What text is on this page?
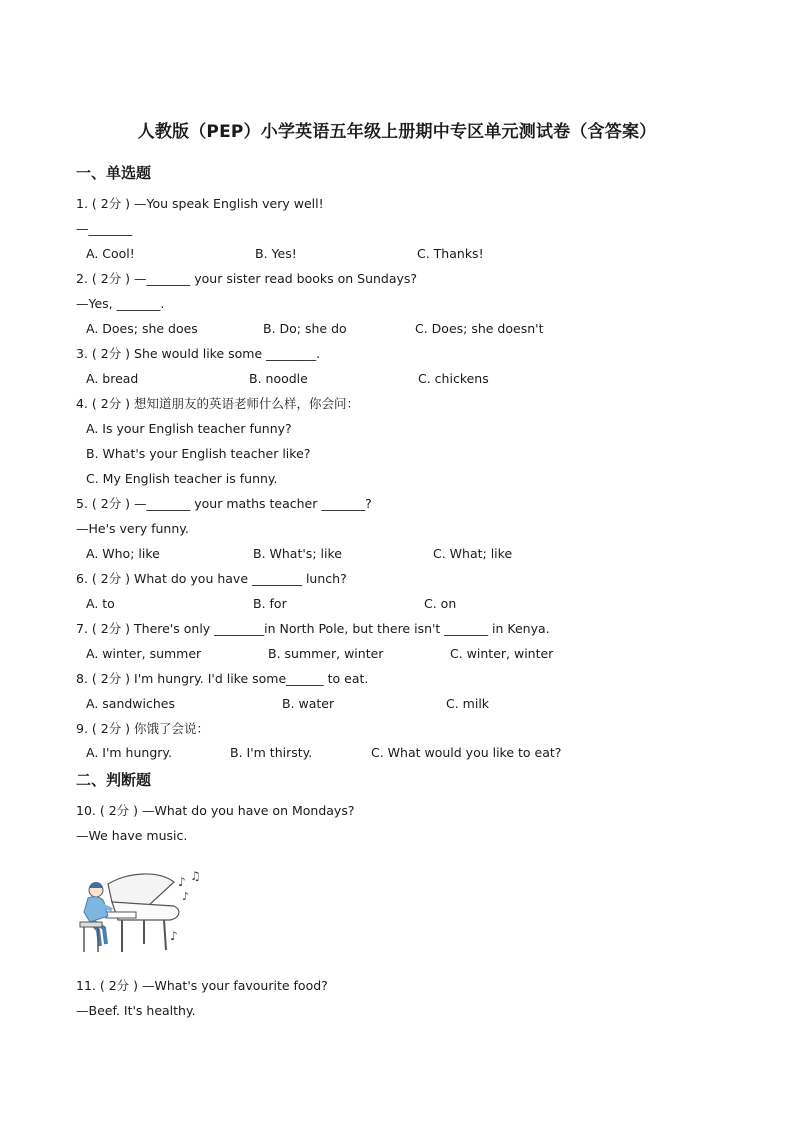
人教版（PEP）小学英语五年级上册期中专区单元测试卷（含答案）
一、单选题
1. ( 2分 ) —You speak English very well!
—_______
A. Cool!	B. Yes!	C. Thanks!
2. ( 2分 ) —_______ your sister read books on Sundays?
—Yes, _______.
A. Does; she does	B. Do; she do	C. Does; she doesn't
3. ( 2分 ) She would like some ________.
A. bread	B. noodle	C. chickens
4. ( 2分 ) 想知道朋友的英语老师什么样，你会问：
A. Is your English teacher funny?
B. What's your English teacher like?
C. My English teacher is funny.
5. ( 2分 ) —_______ your maths teacher _______?
—He's very funny.
A. Who; like	B. What's; like	C. What; like
6. ( 2分 ) What do you have ________ lunch?
A. to	B. for	C. on
7. ( 2分 ) There's only ________in North Pole, but there isn't _______ in Kenya.
A. winter, summer	B. summer, winter	C. winter, winter
8. ( 2分 ) I'm hungry. I'd like some______ to eat.
A. sandwiches	B. water	C. milk
9. ( 2分 ) 你饿了会说：
A. I'm hungry.	B. I'm thirsty.	C. What would you like to eat?
二、判断题
10. ( 2分 ) —What do you have on Mondays?
—We have music.
♪ ♫
♪
♪
11. ( 2分 ) —What's your favourite food?
—Beef. It's healthy.
